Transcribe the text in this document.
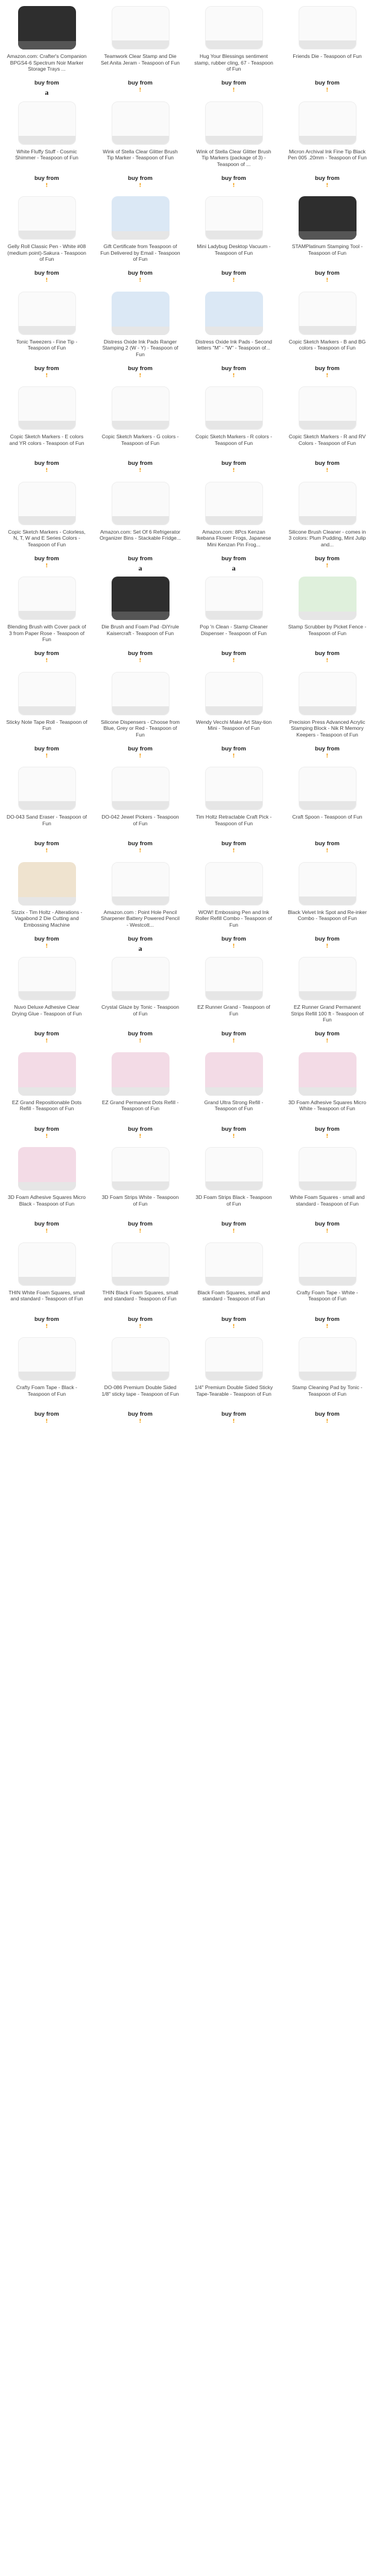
Amazon.com: Crafter's Companion BPGS4-6 Spectrum Noir Marker Storage Trays ...
buy from
a
Teamwork Clear Stamp and Die Set Anita Jeram - Teaspoon of Fun
buy from
ꜝ
Hug Your Blessings sentiment stamp, rubber cling, 67 - Teaspoon of Fun
buy from
ꜝ
Friends Die - Teaspoon of Fun
buy from
ꜝ
White Fluffy Stuff - Cosmic Shimmer - Teaspoon of Fun
buy from
ꜝ
Wink of Stella Clear Glitter Brush Tip Marker - Teaspoon of Fun
buy from
ꜝ
Wink of Stella Clear Glitter Brush Tip Markers (package of 3) - Teaspoon of ...
buy from
ꜝ
Micron Archival Ink Fine Tip Black Pen 005 .20mm - Teaspoon of Fun
buy from
ꜝ
Gelly Roll Classic Pen - White #08 (medium point)-Sakura - Teaspoon of Fun
buy from
ꜝ
Gift Certificate from Teaspoon of Fun Delivered by Email - Teaspoon of Fun
buy from
ꜝ
Mini Ladybug Desktop Vacuum - Teaspoon of Fun
buy from
ꜝ
STAMPlatinum Stamping Tool - Teaspoon of Fun
buy from
ꜝ
Tonic Tweezers - Fine Tip - Teaspoon of Fun
buy from
ꜝ
Distress Oxide Ink Pads Ranger Stamping 2 (W - Y) - Teaspoon of Fun
buy from
ꜝ
Distress Oxide Ink Pads - Second letters "M" - "W" - Teaspoon of...
buy from
ꜝ
Copic Sketch Markers - B and BG colors - Teaspoon of Fun
buy from
ꜝ
Copic Sketch Markers - E colors and YR colors - Teaspoon of Fun
buy from
ꜝ
Copic Sketch Markers - G colors - Teaspoon of Fun
buy from
ꜝ
Copic Sketch Markers - R colors - Teaspoon of Fun
buy from
ꜝ
Copic Sketch Markers - R and RV Colors - Teaspoon of Fun
buy from
ꜝ
Copic Sketch Markers - Colorless, N, T, W and E Series Colors - Teaspoon of Fun
buy from
ꜝ
Amazon.com: Set Of 6 Refrigerator Organizer Bins - Stackable Fridge...
buy from
a
Amazon.com: 8Pcs Kenzan Ikebana Flower Frogs, Japanese Mini Kenzan Pin Frog...
buy from
a
Silicone Brush Cleaner - comes in 3 colors: Plum Pudding, Mint Julip and...
buy from
ꜝ
Blending Brush with Cover pack of 3 from Paper Rose - Teaspoon of Fun
buy from
ꜝ
Die Brush and Foam Pad -DiYrule Kaisercraft - Teaspoon of Fun
buy from
ꜝ
Pop 'n Clean - Stamp Cleaner Dispenser - Teaspoon of Fun
buy from
ꜝ
Stamp Scrubber by Picket Fence - Teaspoon of Fun
buy from
ꜝ
Sticky Note Tape Roll - Teaspoon of Fun
buy from
ꜝ
Silicone Dispensers - Choose from Blue, Grey or Red - Teaspoon of Fun
buy from
ꜝ
Wendy Vecchi Make Art Stay-tion Mini - Teaspoon of Fun
buy from
ꜝ
Precision Press Advanced Acrylic Stamping Block - Nik R Memory Keepers - Teaspoon of Fun
buy from
ꜝ
DO-043 Sand Eraser - Teaspoon of Fun
buy from
ꜝ
DO-042 Jewel Pickers - Teaspoon of Fun
buy from
ꜝ
Tim Holtz Retractable Craft Pick - Teaspoon of Fun
buy from
ꜝ
Craft Spoon - Teaspoon of Fun
buy from
ꜝ
Sizzix - Tim Holtz - Alterations - Vagabond 2 Die Cutting and Embossing Machine
buy from
ꜝ
Amazon.com : Point Hole Pencil Sharpener Battery Powered Pencil - Westcott...
buy from
a
WOW! Embossing Pen and Ink Roller Refill Combo - Teaspoon of Fun
buy from
ꜝ
Black Velvet Ink Spot and Re-inker Combo - Teaspoon of Fun
buy from
ꜝ
Nuvo Deluxe Adhesive Clear Drying Glue - Teaspoon of Fun
buy from
ꜝ
Crystal Glaze by Tonic - Teaspoon of Fun
buy from
ꜝ
EZ Runner Grand - Teaspoon of Fun
buy from
ꜝ
EZ Runner Grand Permanent Strips Refill 100 ft - Teaspoon of Fun
buy from
ꜝ
EZ Grand Repositionable Dots Refill - Teaspoon of Fun
buy from
ꜝ
EZ Grand Permanent Dots Refill - Teaspoon of Fun
buy from
ꜝ
Grand Ultra Strong Refill - Teaspoon of Fun
buy from
ꜝ
3D Foam Adhesive Squares Micro White - Teaspoon of Fun
buy from
ꜝ
3D Foam Adhesive Squares Micro Black - Teaspoon of Fun
buy from
ꜝ
3D Foam Strips White - Teaspoon of Fun
buy from
ꜝ
3D Foam Strips Black - Teaspoon of Fun
buy from
ꜝ
White Foam Squares - small and standard - Teaspoon of Fun
buy from
ꜝ
THIN White Foam Squares, small and standard - Teaspoon of Fun
buy from
ꜝ
THIN Black Foam Squares, small and standard - Teaspoon of Fun
buy from
ꜝ
Black Foam Squares, small and standard - Teaspoon of Fun
buy from
ꜝ
Crafty Foam Tape - White - Teaspoon of Fun
buy from
ꜝ
Crafty Foam Tape - Black - Teaspoon of Fun
buy from
ꜝ
DO-086 Premium Double Sided 1/8" sticky tape - Teaspoon of Fun
buy from
ꜝ
1/4" Premium Double Sided Sticky Tape-Tearable - Teaspoon of Fun
buy from
ꜝ
Stamp Cleaning Pad by Tonic - Teaspoon of Fun
buy from
ꜝ
